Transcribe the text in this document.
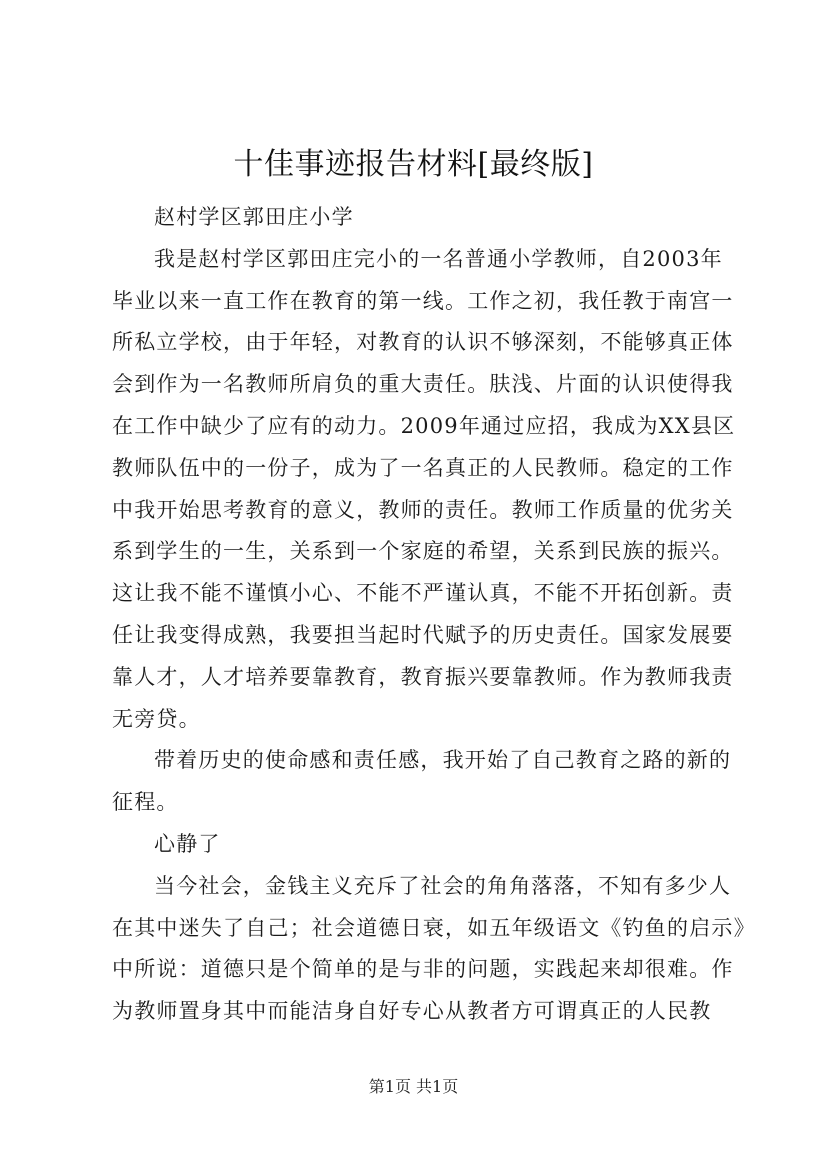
十佳事迹报告材料[最终版]
赵村学区郭田庄小学
我是赵村学区郭田庄完小的一名普通小学教师，自2003年
毕业以来一直工作在教育的第一线。工作之初，我任教于南宫一
所私立学校，由于年轻，对教育的认识不够深刻，不能够真正体
会到作为一名教师所肩负的重大责任。肤浅、片面的认识使得我
在工作中缺少了应有的动力。2009年通过应招，我成为XX县区
教师队伍中的一份子，成为了一名真正的人民教师。稳定的工作
中我开始思考教育的意义，教师的责任。教师工作质量的优劣关
系到学生的一生，关系到一个家庭的希望，关系到民族的振兴。
这让我不能不谨慎小心、不能不严谨认真，不能不开拓创新。责
任让我变得成熟，我要担当起时代赋予的历史责任。国家发展要
靠人才，人才培养要靠教育，教育振兴要靠教师。作为教师我责
无旁贷。
带着历史的使命感和责任感，我开始了自己教育之路的新的
征程。
心静了
当今社会，金钱主义充斥了社会的角角落落，不知有多少人
在其中迷失了自己；社会道德日衰，如五年级语文《钓鱼的启示》
中所说：道德只是个简单的是与非的问题，实践起来却很难。作
为教师置身其中而能洁身自好专心从教者方可谓真正的人民教
第1页 共1页
